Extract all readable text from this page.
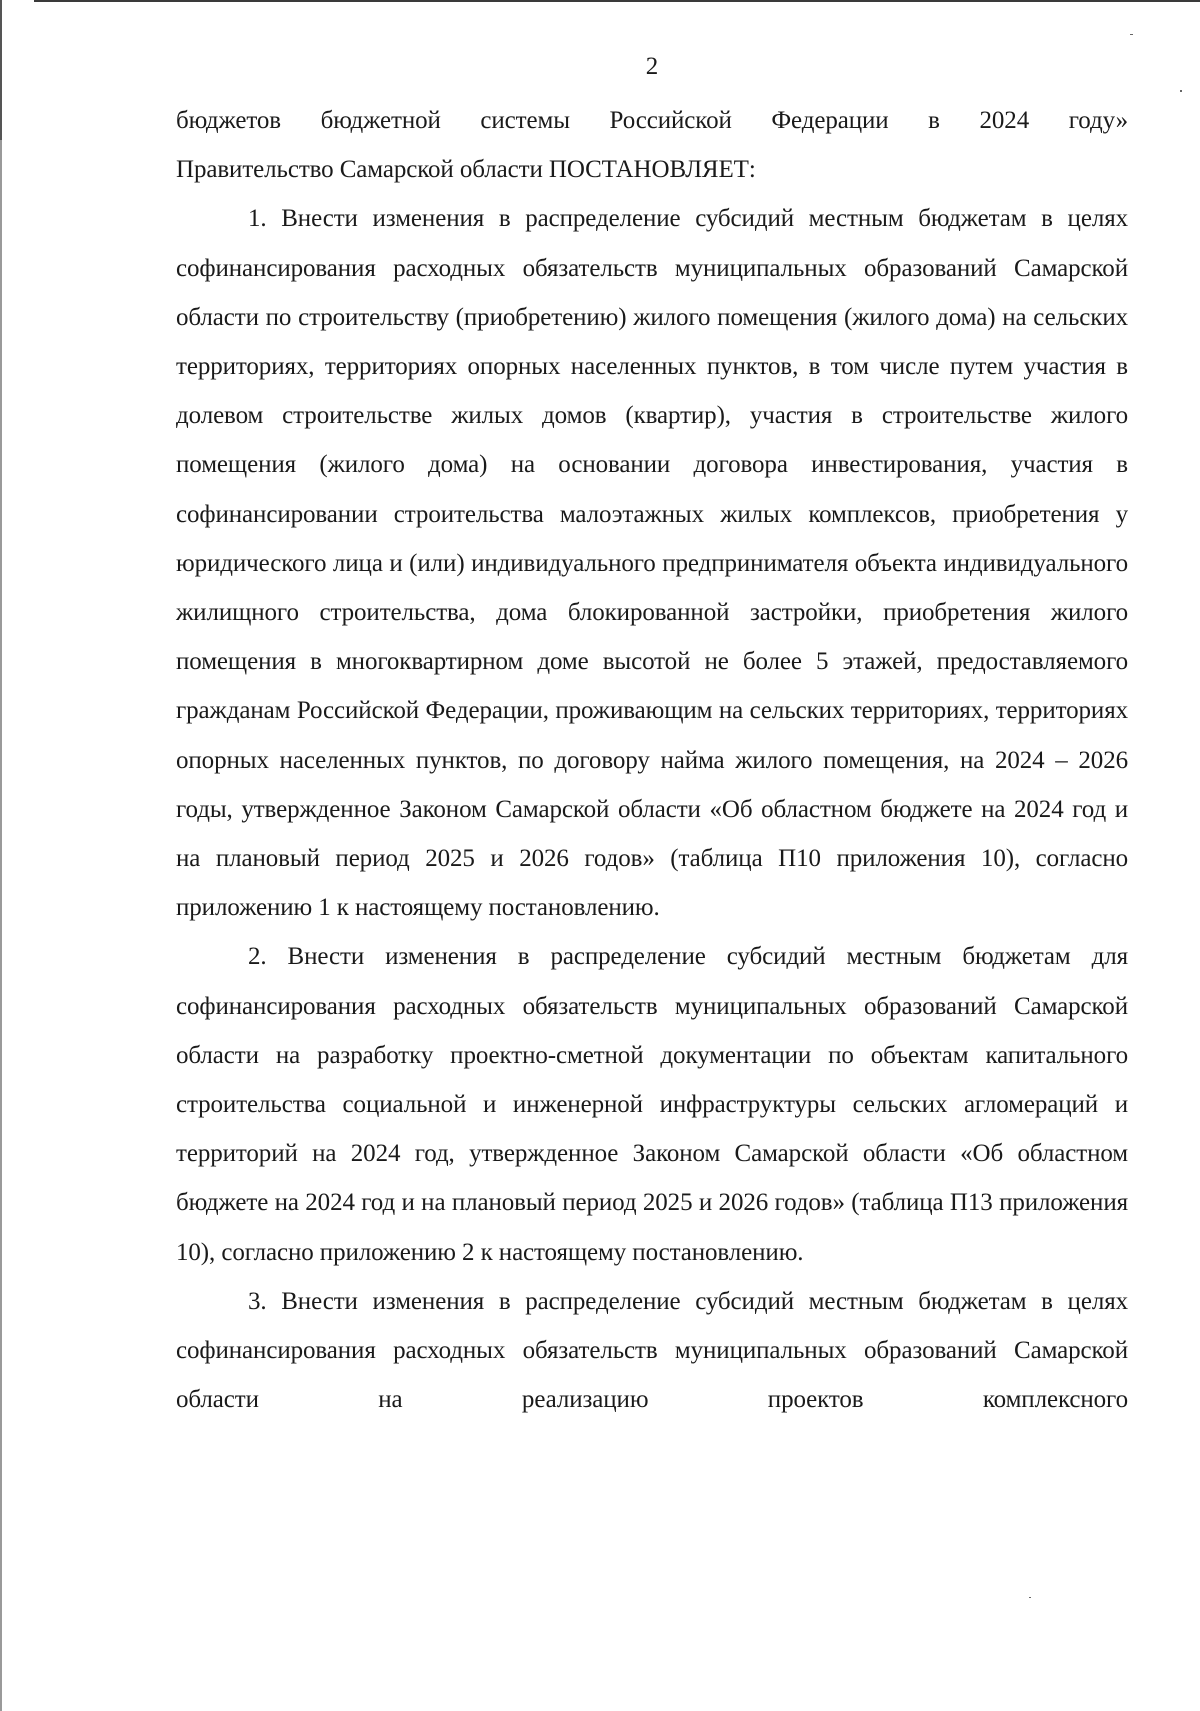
2

бюджетов бюджетной системы Российской Федерации в 2024 году»

Правительство Самарской области ПОСТАНОВЛЯЕТ:

1. Внести изменения в распределение субсидий местным бюджетам в целях софинансирования расходных обязательств муниципальных образований Самарской области по строительству (приобретению) жилого помещения (жилого дома) на сельских территориях, территориях опорных населенных пунктов, в том числе путем участия в долевом строительстве жилых домов (квартир), участия в строительстве жилого помещения (жилого дома) на основании договора инвестирования, участия в софинансировании строительства малоэтажных жилых комплексов, приобретения у юридического лица и (или) индивидуального предпринимателя объекта индивидуального жилищного строительства, дома блокированной застройки, приобретения жилого помещения в многоквартирном доме высотой не более 5 этажей, предоставляемого гражданам Российской Федерации, проживающим на сельских территориях, территориях опорных населенных пунктов, по договору найма жилого помещения, на 2024 – 2026 годы, утвержденное Законом Самарской области «Об областном бюджете на 2024 год и на плановый период 2025 и 2026 годов» (таблица П10 приложения 10), согласно приложению 1 к настоящему постановлению.

2. Внести изменения в распределение субсидий местным бюджетам для софинансирования расходных обязательств муниципальных образований Самарской области на разработку проектно-сметной документации по объектам капитального строительства социальной и инженерной инфраструктуры сельских агломераций и территорий на 2024 год, утвержденное Законом Самарской области «Об областном бюджете на 2024 год и на плановый период 2025 и 2026 годов» (таблица П13 приложения 10), согласно приложению 2 к настоящему постановлению.

3. Внести изменения в распределение субсидий местным бюджетам в целях софинансирования расходных обязательств муниципальных образований Самарской области на реализацию проектов комплексного
